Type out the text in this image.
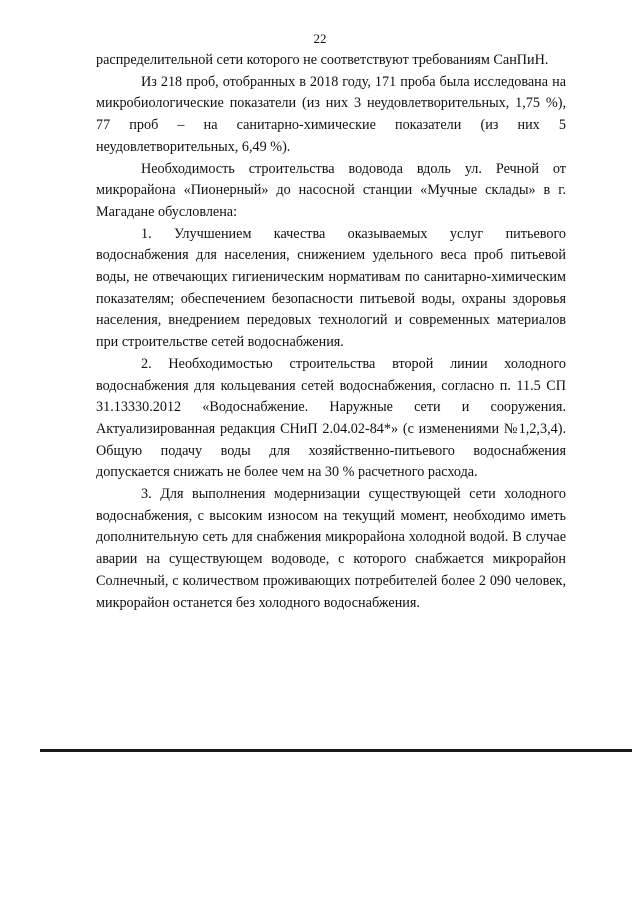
22

распределительной сети которого не соответствуют требованиям СанПиН.

Из 218 проб, отобранных в 2018 году, 171 проба была исследована на микробиологические показатели (из них 3 неудовлетворительных, 1,75 %), 77 проб – на санитарно-химические показатели (из них 5 неудовлетворительных, 6,49 %).

Необходимость строительства водовода вдоль ул. Речной от микрорайона «Пионерный» до насосной станции «Мучные склады» в г. Магадане обусловлена:

1. Улучшением качества оказываемых услуг питьевого водоснабжения для населения, снижением удельного веса проб питьевой воды, не отвечающих гигиеническим нормативам по санитарно-химическим показателям; обеспечением безопасности питьевой воды, охраны здоровья населения, внедрением передовых технологий и современных материалов при строительстве сетей водоснабжения.

2. Необходимостью строительства второй линии холодного водоснабжения для кольцевания сетей водоснабжения, согласно п. 11.5 СП 31.13330.2012 «Водоснабжение. Наружные сети и сооружения. Актуализированная редакция СНиП 2.04.02-84*» (с изменениями №1,2,3,4). Общую подачу воды для хозяйственно-питьевого водоснабжения допускается снижать не более чем на 30 % расчетного расхода.

3. Для выполнения модернизации существующей сети холодного водоснабжения, с высоким износом на текущий момент, необходимо иметь дополнительную сеть для снабжения микрорайона холодной водой. В случае аварии на существующем водоводе, с которого снабжается микрорайон Солнечный, с количеством проживающих потребителей более 2 090 человек, микрорайон останется без холодного водоснабжения.
